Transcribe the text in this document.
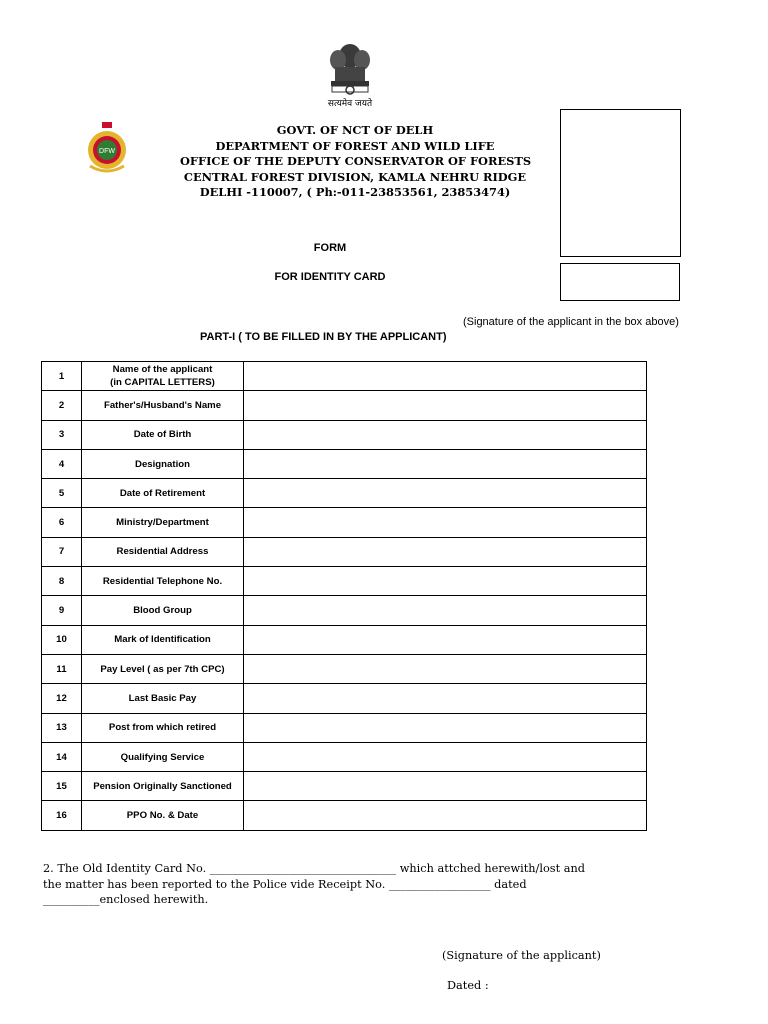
सत्यमेव जयते
DFW
GOVT. OF NCT OF DELH
DEPARTMENT OF FOREST AND WILD LIFE
OFFICE OF THE DEPUTY CONSERVATOR OF FORESTS
CENTRAL FOREST DIVISION, KAMLA NEHRU RIDGE
DELHI -110007, ( Ph:-011-23853561, 23853474)
FORM
FOR IDENTITY CARD
(Signature of the applicant in the box above)
PART-I ( TO BE FILLED IN BY THE APPLICANT)
1	Name of the applicant
(in CAPITAL LETTERS)	

2	Father's/Husband's Name	
3	Date of Birth	
4	Designation	
5	Date of Retirement	
6	Ministry/Department	
7	Residential Address	
8	Residential Telephone No.	
9	Blood Group	
10	Mark of Identification	
11	Pay Level ( as per 7th CPC)	
12	Last Basic Pay	
13	Post from which retired	
14	Qualifying Service	
15	Pension Originally Sanctioned	
16	PPO No. & Date	
2. The Old Identity Card No. _________________________________ which attched herewith/lost and
the matter has been reported to the Police vide Receipt No. __________________ dated
__________enclosed herewith.
(Signature of the applicant)
Dated :
